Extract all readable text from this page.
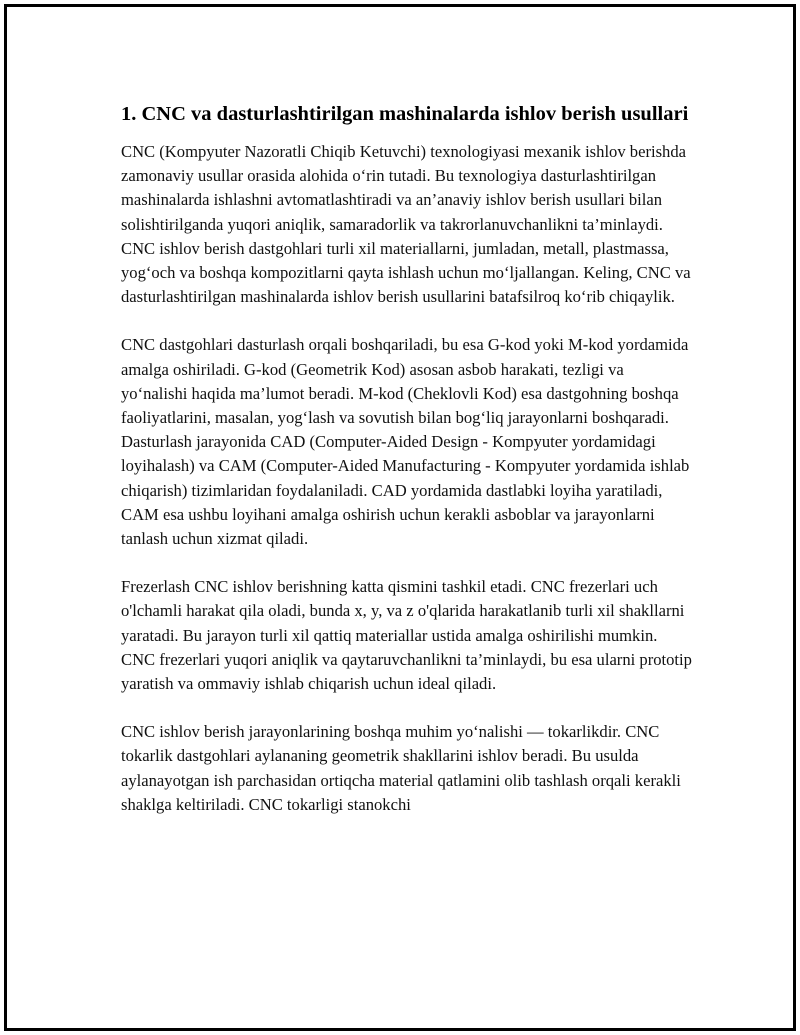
1. CNC va dasturlashtirilgan mashinalarda ishlov berish usullari

CNC (Kompyuter Nazoratli Chiqib Ketuvchi) texnologiyasi mexanik ishlov berishda zamonaviy usullar orasida alohida o‘rin tutadi. Bu texnologiya dasturlashtirilgan mashinalarda ishlashni avtomatlashtiradi va an’anaviy ishlov berish usullari bilan solishtirilganda yuqori aniqlik, samaradorlik va takrorlanuvchanlikni ta’minlaydi. CNC ishlov berish dastgohlari turli xil materiallarni, jumladan, metall, plastmassa, yog‘och va boshqa kompozitlarni qayta ishlash uchun mo‘ljallangan. Keling, CNC va dasturlashtirilgan mashinalarda ishlov berish usullarini batafsilroq ko‘rib chiqaylik.

CNC dastgohlari dasturlash orqali boshqariladi, bu esa G-kod yoki M-kod yordamida amalga oshiriladi. G-kod (Geometrik Kod) asosan asbob harakati, tezligi va yo‘nalishi haqida ma’lumot beradi. M-kod (Cheklovli Kod) esa dastgohning boshqa faoliyatlarini, masalan, yog‘lash va sovutish bilan bog‘liq jarayonlarni boshqaradi. Dasturlash jarayonida CAD (Computer-Aided Design - Kompyuter yordamidagi loyihalash) va CAM (Computer-Aided Manufacturing - Kompyuter yordamida ishlab chiqarish) tizimlaridan foydalaniladi. CAD yordamida dastlabki loyiha yaratiladi, CAM esa ushbu loyihani amalga oshirish uchun kerakli asboblar va jarayonlarni tanlash uchun xizmat qiladi.

Frezerlash CNC ishlov berishning katta qismini tashkil etadi. CNC frezerlari uch o'lchamli harakat qila oladi, bunda x, y, va z o'qlarida harakatlanib turli xil shakllarni yaratadi. Bu jarayon turli xil qattiq materiallar ustida amalga oshirilishi mumkin. CNC frezerlari yuqori aniqlik va qaytaruvchanlikni ta’minlaydi, bu esa ularni prototip yaratish va ommaviy ishlab chiqarish uchun ideal qiladi.

CNC ishlov berish jarayonlarining boshqa muhim yo‘nalishi — tokarlikdir. CNC tokarlik dastgohlari aylananing geometrik shakllarini ishlov beradi. Bu usulda aylanayotgan ish parchasidan ortiqcha material qatlamini olib tashlash orqali kerakli shaklga keltiriladi. CNC tokarligi stanokchi
